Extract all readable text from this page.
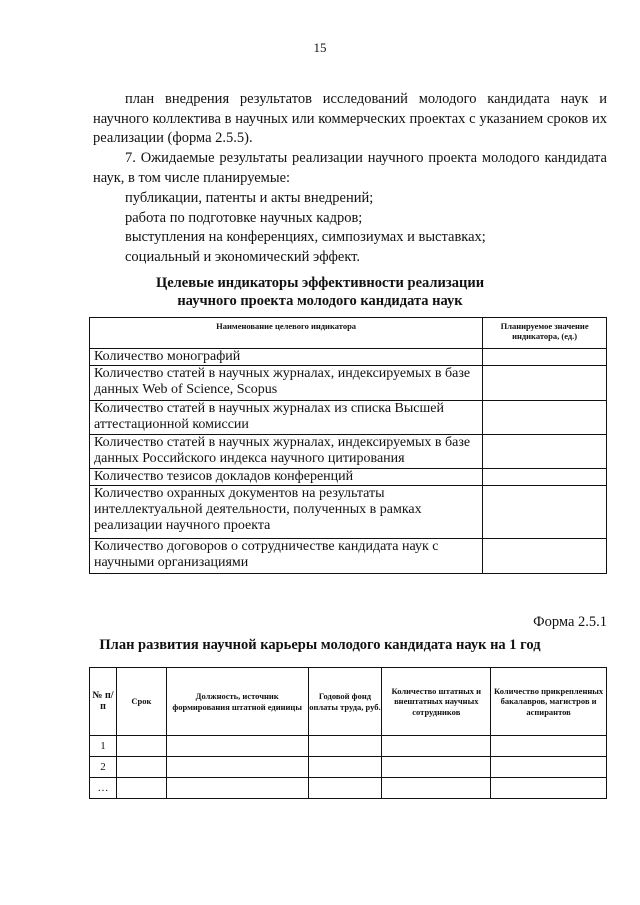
15
план внедрения результатов исследований молодого кандидата наук и научного коллектива в научных или коммерческих проектах с указанием сроков их реализации (форма 2.5.5).
7. Ожидаемые результаты реализации научного проекта молодого кандидата наук, в том числе планируемые:
публикации, патенты и акты внедрений;
работа по подготовке научных кадров;
выступления на конференциях, симпозиумах и выставках;
социальный и экономический эффект.
Целевые индикаторы эффективности реализации
научного проекта молодого кандидата наук
Наименование целевого индикатора	Планируемое значение индикатора, (ед.)
Количество монографий	
Количество статей в научных журналах, индексируемых в базе данных Web of Science, Scopus	
Количество статей в научных журналах из списка Высшей аттестационной комиссии	
Количество статей в научных журналах, индексируемых в базе данных Российского индекса научного цитирования	
Количество тезисов докладов конференций	
Количество охранных документов на результаты интеллектуальной деятельности, полученных в рамках реализации научного проекта	
Количество договоров о сотрудничестве кандидата наук с научными организациями	
Форма 2.5.1
План развития научной карьеры молодого кандидата наук на 1 год
№ п/п	Срок	Должность, источник формирования штатной единицы	Годовой фонд оплаты труда, руб.	Количество штатных и внештатных научных сотрудников	Количество прикрепленных бакалавров, магистров и аспирантов
1					
2					
…					
